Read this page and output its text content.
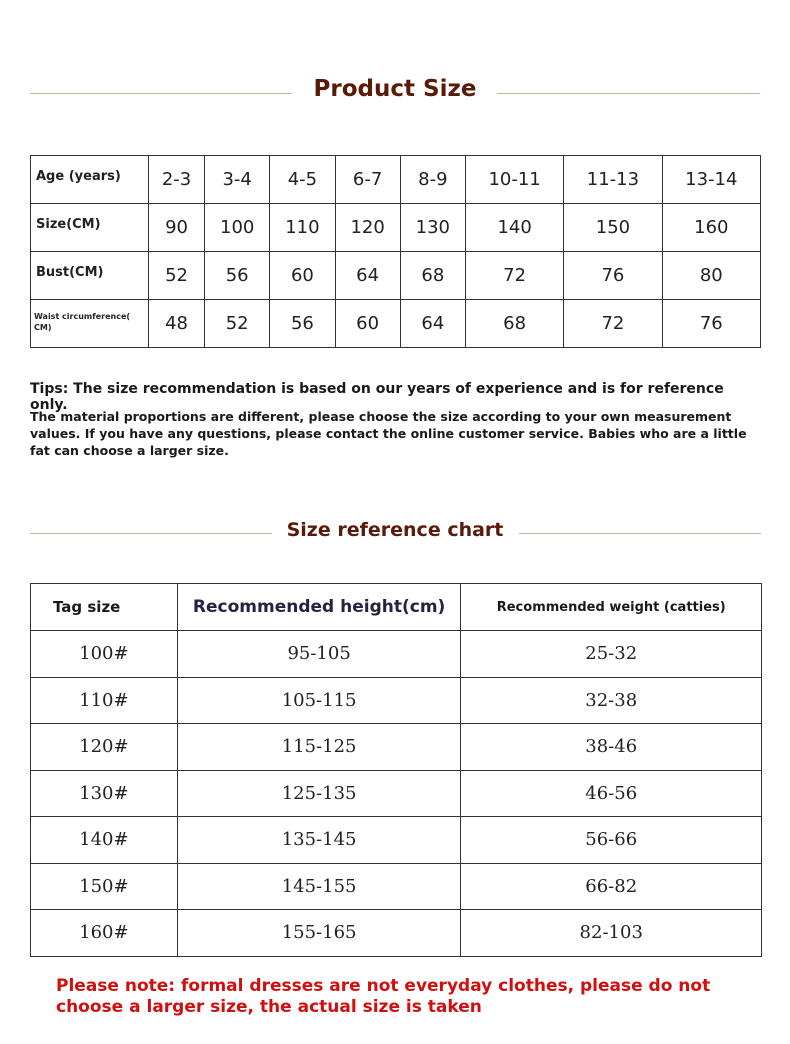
Product Size
Age (years)	2-3	3-4	4-5	6-7	8-9	10-11	11-13	13-14
Size(CM)	90	100	110	120	130	140	150	160
Bust(CM)	52	56	60	64	68	72	76	80
Waist circumference( CM)	48	52	56	60	64	68	72	76
Tips: The size recommendation is based on our years of experience and is for reference only.
The material proportions are different, please choose the size according to your own measurement values. If you have any questions, please contact the online customer service. Babies who are a little fat can choose a larger size.
Size reference chart
Tag size	Recommended height(cm)	Recommended weight (catties)
100#	95-105	25-32
110#	105-115	32-38
120#	115-125	38-46
130#	125-135	46-56
140#	135-145	56-66
150#	145-155	66-82
160#	155-165	82-103
Please note: formal dresses are not everyday clothes, please do not choose a larger size, the actual size is taken
